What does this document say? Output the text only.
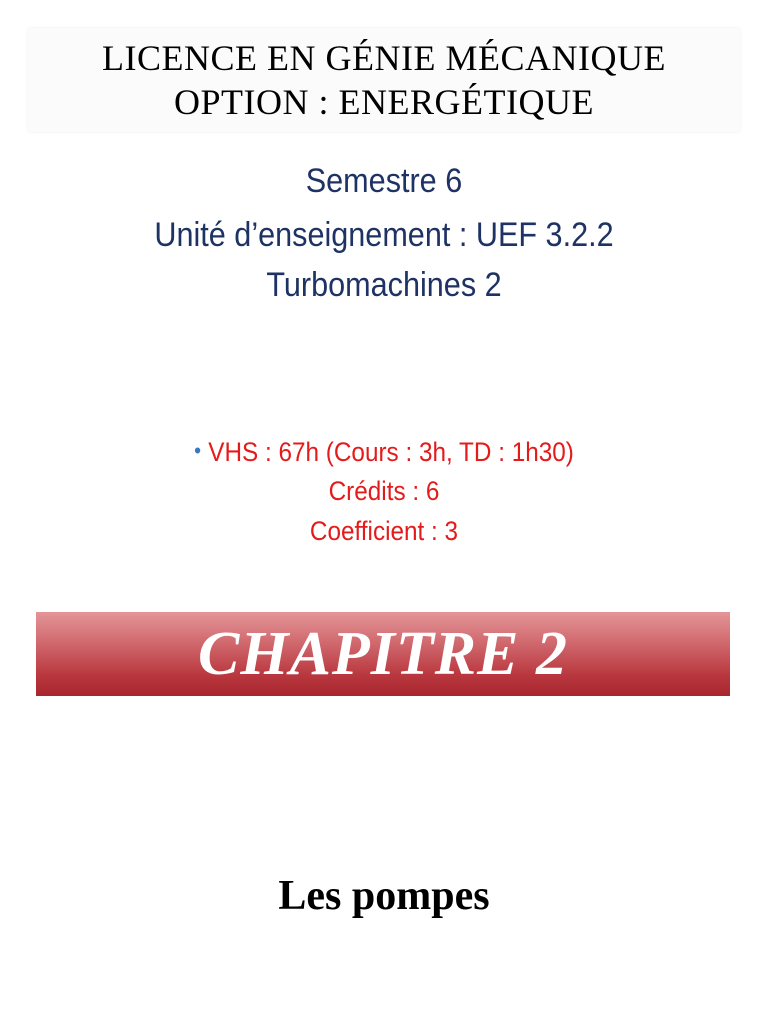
LICENCE EN GÉNIE MÉCANIQUE
OPTION : ENERGÉTIQUE
Semestre 6
Unité d’enseignement : UEF 3.2.2
Turbomachines 2
• VHS : 67h (Cours : 3h, TD : 1h30)
Crédits : 6
Coefficient : 3
CHAPITRE 2
Les pompes
